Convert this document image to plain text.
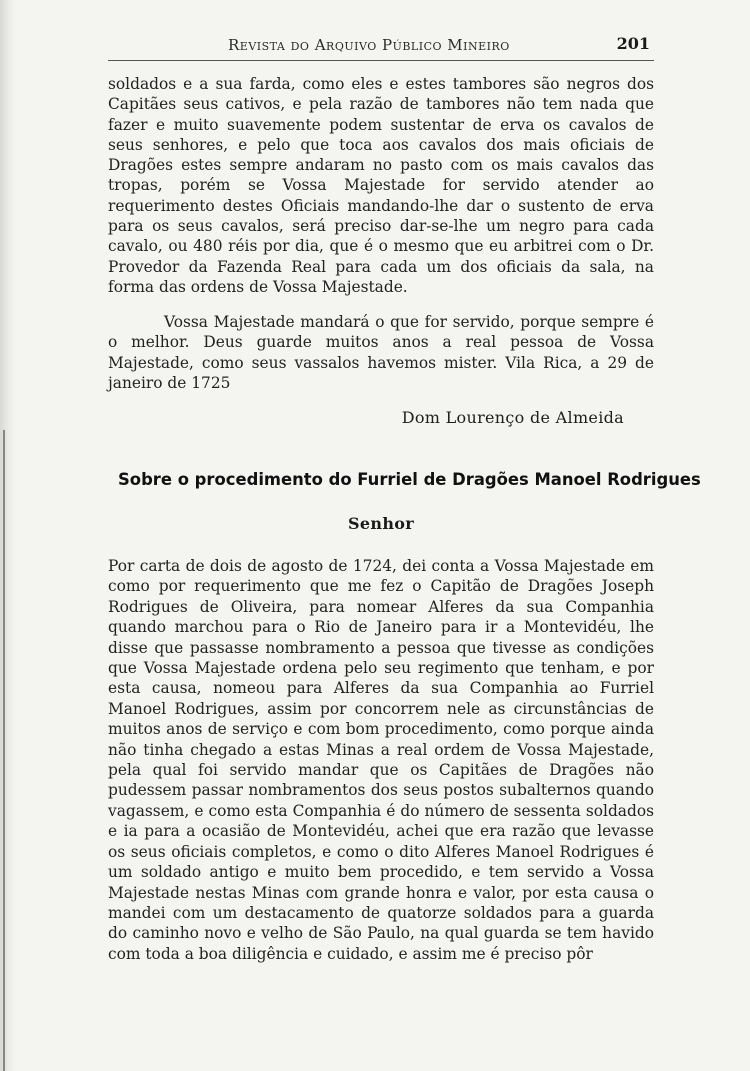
Revista do Arquivo Público Mineiro	201

soldados e a sua farda, como eles e estes tambores são negros dos Capitães seus cativos, e pela razão de tambores não tem nada que fazer e muito suavemente podem sustentar de erva os cavalos de seus senhores, e pelo que toca aos cavalos dos mais oficiais de Dragões estes sempre andaram no pasto com os mais cavalos das tropas, porém se Vossa Majestade for servido atender ao requerimento destes Oficiais mandando-lhe dar o sustento de erva para os seus cavalos, será preciso dar-se-lhe um negro para cada cavalo, ou 480 réis por dia, que é o mesmo que eu arbitrei com o Dr. Provedor da Fazenda Real para cada um dos oficiais da sala, na forma das ordens de Vossa Majestade.

Vossa Majestade mandará o que for servido, porque sempre é o melhor. Deus guarde muitos anos a real pessoa de Vossa Majestade, como seus vassalos havemos mister. Vila Rica, a 29 de janeiro de 1725

Dom Lourenço de Almeida
Sobre o procedimento do Furriel de Dragões Manoel Rodrigues
Senhor

Por carta de dois de agosto de 1724, dei conta a Vossa Majestade em como por requerimento que me fez o Capitão de Dragões Joseph Rodrigues de Oliveira, para nomear Alferes da sua Companhia quando marchou para o Rio de Janeiro para ir a Montevidéu, lhe disse que passasse nombramento a pessoa que tivesse as condições que Vossa Majestade ordena pelo seu regimento que tenham, e por esta causa, nomeou para Alferes da sua Companhia ao Furriel Manoel Rodrigues, assim por concorrem nele as circunstâncias de muitos anos de serviço e com bom procedimento, como porque ainda não tinha chegado a estas Minas a real ordem de Vossa Majestade, pela qual foi servido mandar que os Capitães de Dragões não pudessem passar nombramentos dos seus postos subalternos quando vagassem, e como esta Companhia é do número de sessenta soldados e ia para a ocasião de Montevidéu, achei que era razão que levasse os seus oficiais completos, e como o dito Alferes Manoel Rodrigues é um soldado antigo e muito bem procedido, e tem servido a Vossa Majestade nestas Minas com grande honra e valor, por esta causa o mandei com um destacamento de quatorze soldados para a guarda do caminho novo e velho de São Paulo, na qual guarda se tem havido com toda a boa diligência e cuidado, e assim me é preciso pôr
